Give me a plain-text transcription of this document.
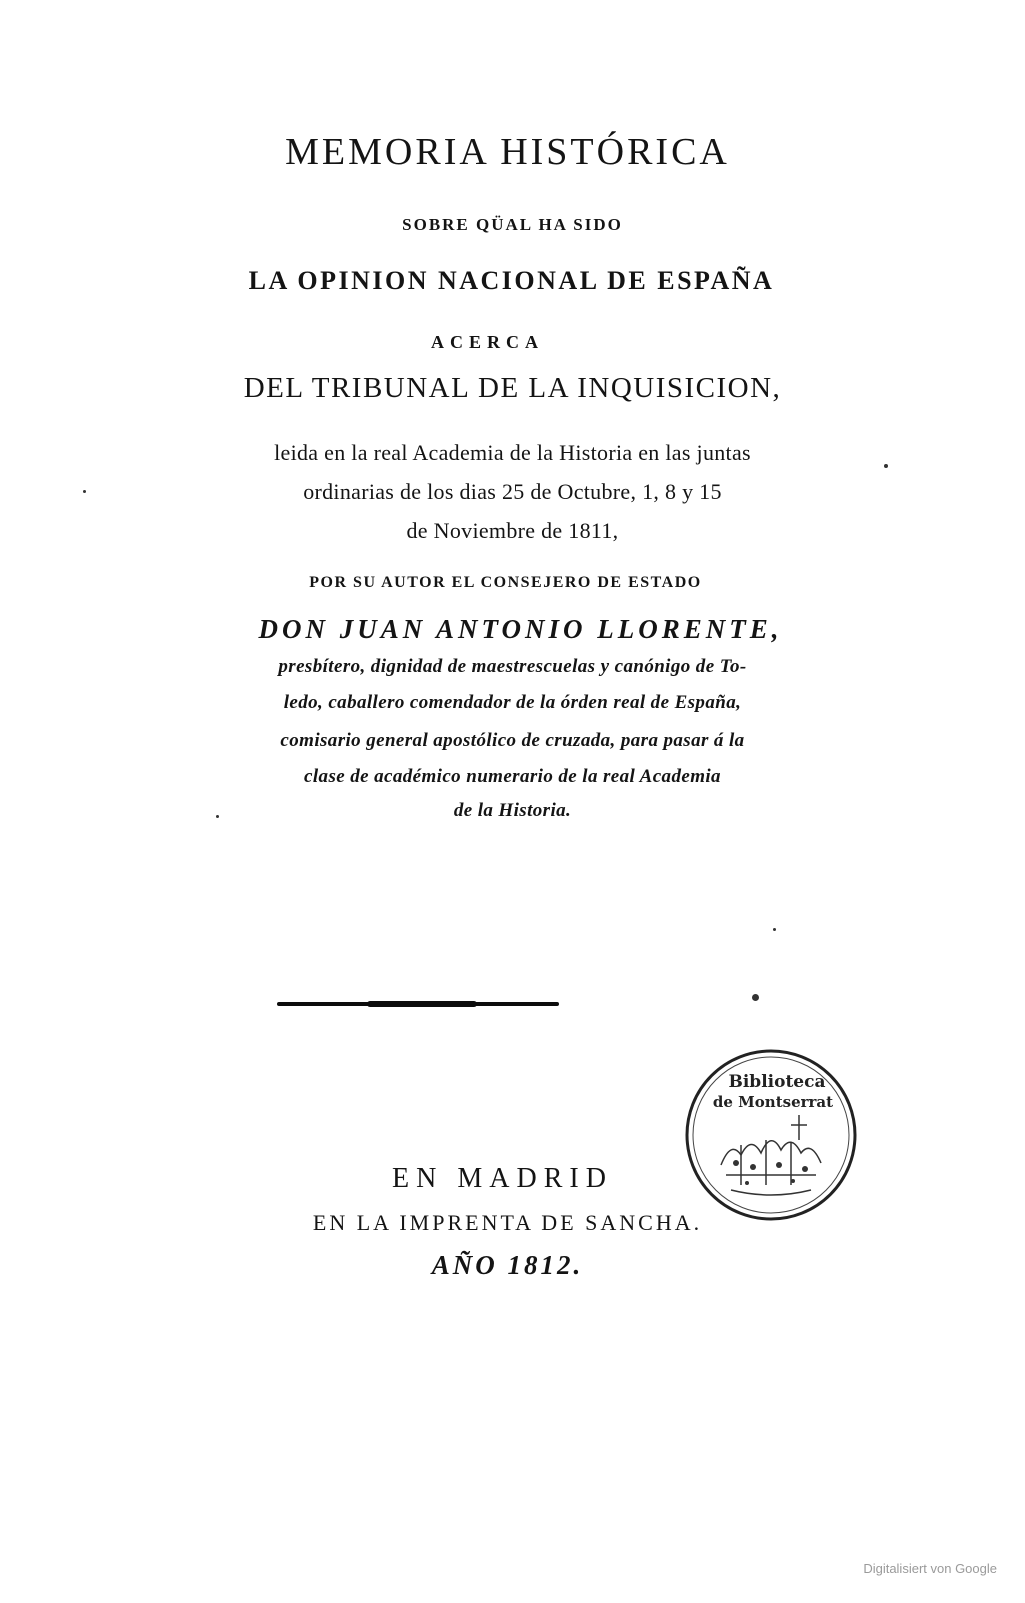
MEMORIA HISTÓRICA
SOBRE QÜAL HA SIDO
LA OPINION NACIONAL DE ESPAÑA
ACERCA
DEL TRIBUNAL DE LA INQUISICION,
leida en la real Academia de la Historia en las juntas
ordinarias de los dias 25 de Octubre, 1, 8 y 15
de Noviembre de 1811,
POR SU AUTOR EL CONSEJERO DE ESTADO
DON JUAN ANTONIO LLORENTE,
presbítero, dignidad de maestrescuelas y canónigo de To-
ledo, caballero comendador de la órden real de España,
comisario general apostólico de cruzada, para pasar á la
clase de académico numerario de la real Academia
de la Historia.
Biblioteca
de Montserrat
EN MADRID
EN LA IMPRENTA DE SANCHA.
AÑO 1812.
Digitalisiert von Google
